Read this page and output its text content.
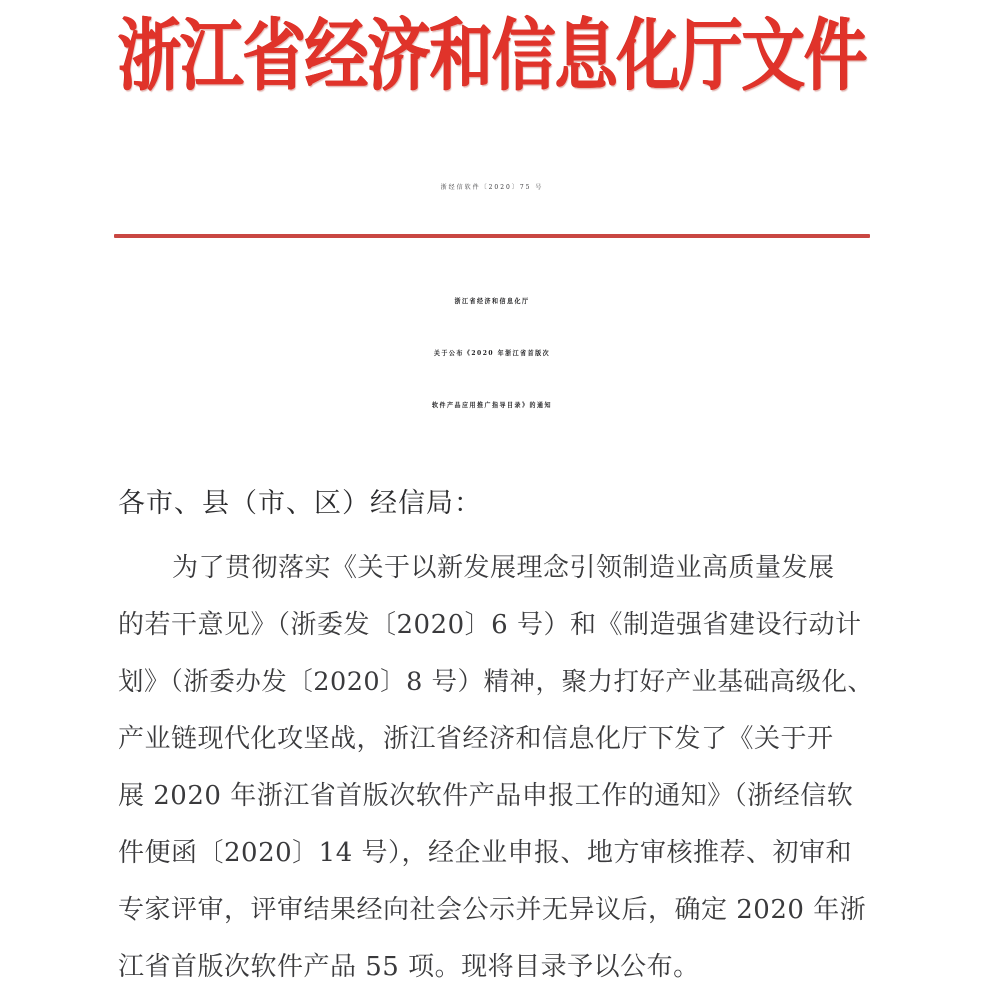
浙江省经济和信息化厅文件
浙经信软件〔2020〕75 号
浙江省经济和信息化厅
关于公布《2020 年浙江省首版次
软件产品应用推广指导目录》的通知
各市、县（市、区）经信局：
为了贯彻落实《关于以新发展理念引领制造业高质量发展
的若干意见》（浙委发〔2020〕6 号）和《制造强省建设行动计
划》（浙委办发〔2020〕8 号）精神，聚力打好产业基础高级化、
产业链现代化攻坚战，浙江省经济和信息化厅下发了《关于开
展 2020 年浙江省首版次软件产品申报工作的通知》（浙经信软
件便函〔2020〕14 号），经企业申报、地方审核推荐、初审和
专家评审，评审结果经向社会公示并无异议后，确定 2020 年浙
江省首版次软件产品 55 项。现将目录予以公布。
